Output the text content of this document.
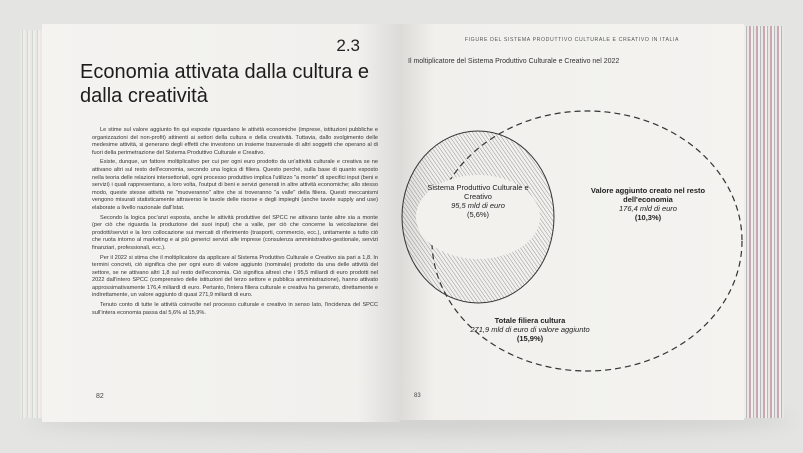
2.3
Economia attivata dalla cultura e dalla creatività

Le stime sul valore aggiunto fin qui esposte riguardano le attività economiche (imprese, istituzioni pubbliche e organizzazioni del non-profit) attinenti ai settori della cultura e della creatività. Tuttavia, dallo svolgimento delle medesime attività, si generano degli effetti che investono un insieme trasversale di altri soggetti che operano al di fuori della perimetrazione del Sistema Produttivo Culturale e Creativo.

Esiste, dunque, un fattore moltiplicativo per cui per ogni euro prodotto da un'attività culturale e creativa se ne attivano altri sul resto dell'economia, secondo una logica di filiera. Questo perché, sulla base di quanto esposto nella teoria delle relazioni intersettoriali, ogni processo produttivo implica l'utilizzo "a monte" di specifici input (beni e servizi) i quali rappresentano, a loro volta, l'output di beni e servizi generati in altre attività economiche; allo stesso modo, queste stesse attività ne "muoveranno" altre che si troveranno "a valle" della filiera. Questi meccanismi vengono misurati statisticamente attraverso le tavole delle risorse e degli impieghi (anche tavole supply and use) elaborate a livello nazionale dall'Istat.

Secondo la logica poc'anzi esposta, anche le attività produttive del SPCC ne attivano tante altre sia a monte (per ciò che riguarda la produzione dei suoi input) che a valle, per ciò che concerne la veicolazione dei prodotti/servizi e la loro collocazione sui mercati di riferimento (trasporti, commercio, ecc.), unitamente a tutto ciò che ruota intorno al marketing e ai più generici servizi alle imprese (consulenza amministrativo-gestionale, servizi finanziari, professionali, ecc.).

Per il 2022 si stima che il moltiplicatore da applicare al Sistema Produttivo Culturale e Creativo sia pari a 1,8. In termini concreti, ciò significa che per ogni euro di valore aggiunto (nominale) prodotto da una delle attività del settore, se ne attivano altri 1,8 sul resto dell'economia. Ciò significa altresì che i 95,5 miliardi di euro prodotti nel 2022 dall'intero SPCC (comprensivo delle istituzioni del terzo settore e pubblica amministrazione), hanno attivato approssimativamente 176,4 miliardi di euro. Pertanto, l'intera filiera culturale e creativa ha generato, direttamente e indirettamente, un valore aggiunto di quasi 271,9 miliardi di euro.

Tenuto conto di tutte le attività coinvolte nel processo culturale e creativo in senso lato, l'incidenza del SPCC sull'intera economia passa dal 5,6% al 15,9%.

82
FIGURE DEL SISTEMA PRODUTTIVO CULTURALE E CREATIVO IN ITALIA
Il moltiplicatore del Sistema Produttivo Culturale e Creativo nel 2022
Sistema Produttivo Culturale e Creativo
95,5 mld di euro
(5,6%)
Valore aggiunto creato nel resto dell'economia
176,4 mld di euro
(10,3%)
Totale filiera cultura
271,9 mld di euro di valore aggiunto
(15,9%)
83
